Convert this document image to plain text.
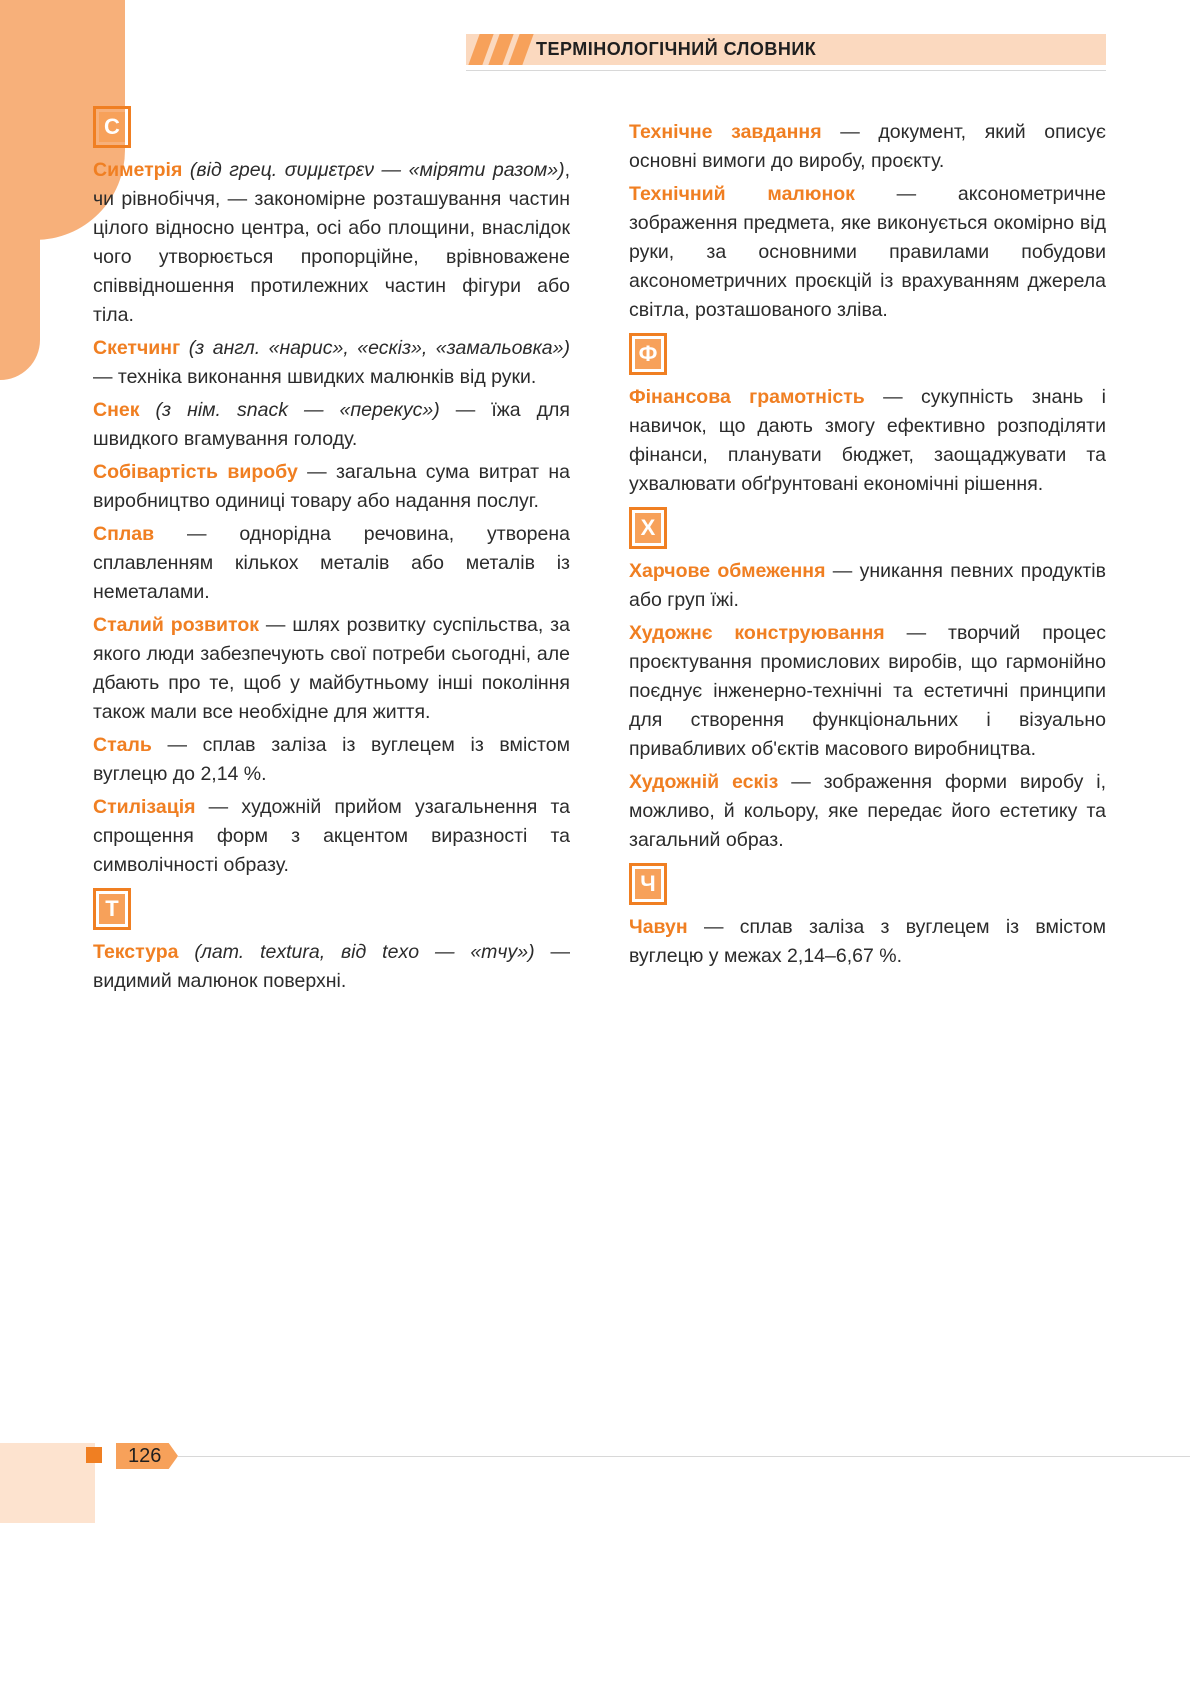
ТЕРМІНОЛОГІЧНИЙ СЛОВНИК
С

Симетрія (від грец. συμμετρεν — «міряти разом»), чи рівнобіччя, — закономірне розташування частин цілого відносно центра, осі або площини, внаслідок чого утворюється пропорційне, врівноважене співвідношення протилежних частин фігури або тіла.

Скетчинг (з англ. «нарис», «ескіз», «замальовка») — техніка виконання швидких малюнків від руки.

Снек (з нім. snack — «перекус») — їжа для швидкого вгамування голоду.

Собівартість виробу — загальна сума витрат на виробництво одиниці товару або надання послуг.

Сплав — однорідна речовина, утворена сплавленням кількох металів або металів із неметалами.

Сталий розвиток — шлях розвитку суспільства, за якого люди забезпечують свої потреби сьогодні, але дбають про те, щоб у майбутньому інші покоління також мали все необхідне для життя.

Сталь — сплав заліза із вуглецем із вмістом вуглецю до 2,14 %.

Стилізація — художній прийом узагальнення та спрощення форм з акцентом виразності та символічності образу.

Т

Текстура (лат. textura, від texo — «тчу») — видимий малюнок поверхні.

Технічне завдання — документ, який описує основні вимоги до виробу, проєкту.

Технічний малюнок — аксонометричне зображення предмета, яке виконується окомірно від руки, за основними правилами побудови аксонометричних проєкцій із врахуванням джерела світла, розташованого зліва.

Ф

Фінансова грамотність — сукупність знань і навичок, що дають змогу ефективно розподіляти фінанси, планувати бюджет, заощаджувати та ухвалювати обґрунтовані економічні рішення.

Х

Харчове обмеження — уникання певних продуктів або груп їжі.

Художнє конструювання — творчий процес проєктування промислових виробів, що гармонійно поєднує інженерно-технічні та естетичні принципи для створення функціональних і візуально привабливих об'єктів масового виробництва.

Художній ескіз — зображення форми виробу і, можливо, й кольору, яке передає його естетику та загальний образ.

Ч

Чавун — сплав заліза з вуглецем із вмістом вуглецю у межах 2,14–6,67 %.

126
